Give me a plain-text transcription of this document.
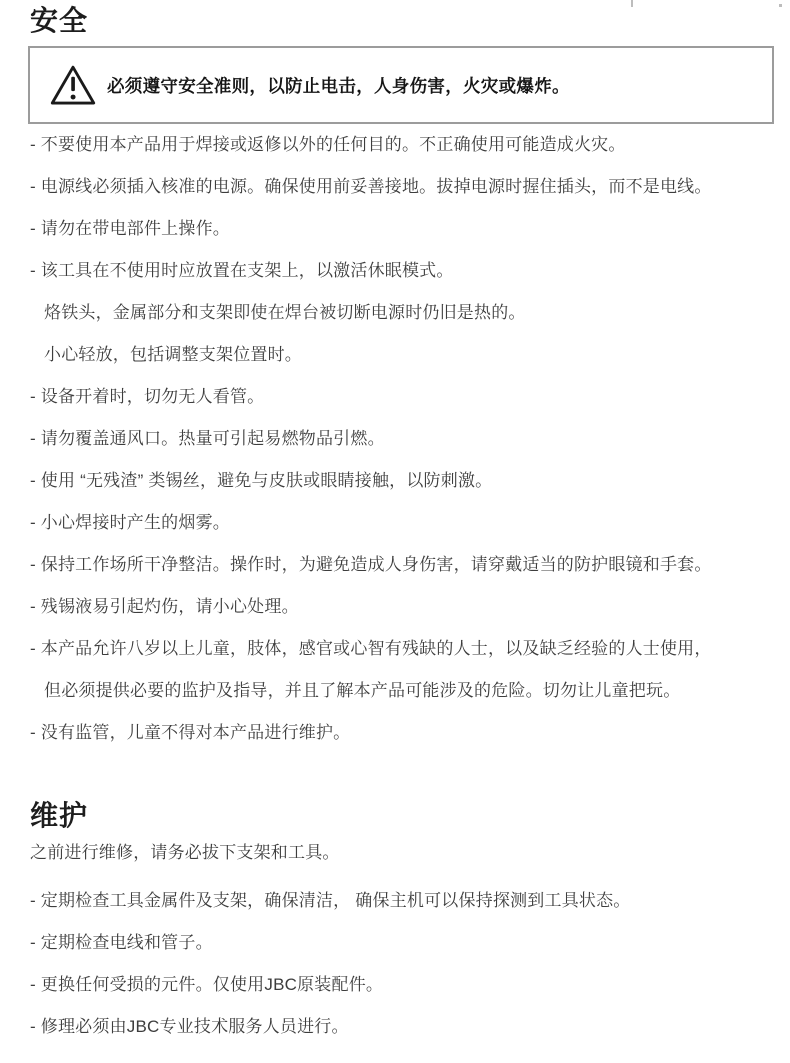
安全

必须遵守安全准则，以防止电击，人身伤害，火灾或爆炸。

- 不要使用本产品用于焊接或返修以外的任何目的。不正确使用可能造成火灾。

- 电源线必须插入核准的电源。确保使用前妥善接地。拔掉电源时握住插头，而不是电线。

- 请勿在带电部件上操作。

- 该工具在不使用时应放置在支架上，以激活休眠模式。

烙铁头，金属部分和支架即使在焊台被切断电源时仍旧是热的。

小心轻放，包括调整支架位置时。

- 设备开着时，切勿无人看管。

- 请勿覆盖通风口。热量可引起易燃物品引燃。

- 使用 “无残渣” 类锡丝，避免与皮肤或眼睛接触，以防刺激。

- 小心焊接时产生的烟雾。

- 保持工作场所干净整洁。操作时，为避免造成人身伤害，请穿戴适当的防护眼镜和手套。

- 残锡液易引起灼伤，请小心处理。

- 本产品允许八岁以上儿童，肢体，感官或心智有残缺的人士，以及缺乏经验的人士使用，

但必须提供必要的监护及指导，并且了解本产品可能涉及的危险。切勿让儿童把玩。

- 没有监管，儿童不得对本产品进行维护。

维护

之前进行维修，请务必拔下支架和工具。

- 定期检查工具金属件及支架，确保清洁， 确保主机可以保持探测到工具状态。

- 定期检查电线和管子。

- 更换任何受损的元件。仅使用JBC原装配件。

- 修理必须由JBC专业技术服务人员进行。
